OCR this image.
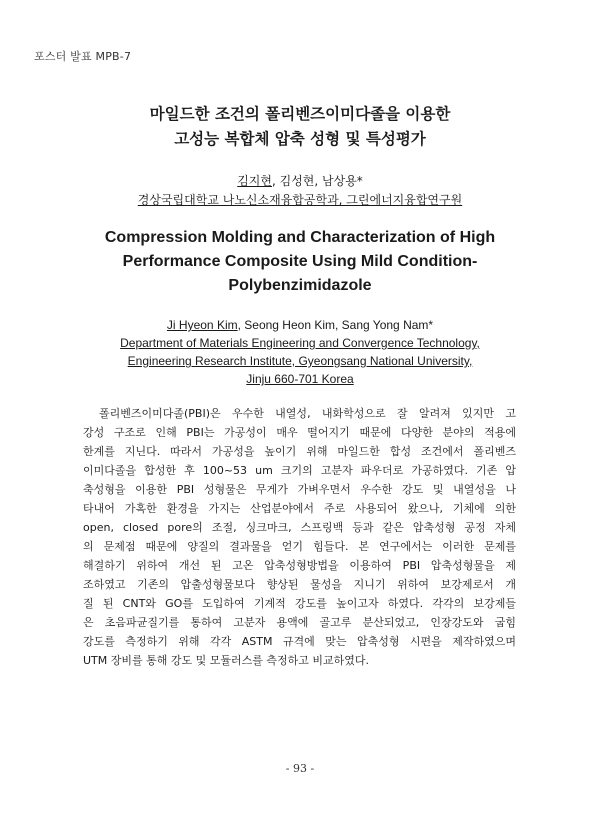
포스터 발표 MPB-7
마일드한 조건의 폴리벤즈이미다졸을 이용한
고성능 복합체 압축 성형 및 특성평가
김지현, 김성현, 남상용*
경상국립대학교 나노신소재융합공학과, 그린에너지융합연구원
Compression Molding and Characterization of High
Performance Composite Using Mild Condition-
Polybenzimidazole
Ji Hyeon Kim, Seong Heon Kim, Sang Yong Nam*
Department of Materials Engineering and Convergence Technology,
Engineering Research Institute, Gyeongsang National University,
Jinju 660-701 Korea
폴리벤즈이미다졸(PBI)은 우수한 내열성, 내화학성으로 잘 알려져 있지만 고
강성 구조로 인해 PBI는 가공성이 매우 떨어지기 때문에 다양한 분야의 적용에
한계를 지닌다. 따라서 가공성을 높이기 위해 마일드한 합성 조건에서 폴리벤즈
이미다졸을 합성한 후 100~53 um 크기의 고분자 파우더로 가공하였다. 기존 압
축성형을 이용한 PBI 성형물은 무게가 가벼우면서 우수한 강도 및 내열성을 나
타내어 가혹한 환경을 가지는 산업분야에서 주로 사용되어 왔으나, 기체에 의한
open, closed pore의 조절, 싱크마크, 스프링백 등과 같은 압축성형 공정 자체
의 문제점 때문에 양질의 결과물을 얻기 힘들다. 본 연구에서는 이러한 문제를
해결하기 위하여 개선 된 고온 압축성형방법을 이용하여 PBI 압축성형물을 제
조하였고 기존의 압출성형물보다 향상된 물성을 지니기 위하여 보강제로서 개
질 된 CNT와 GO를 도입하여 기계적 강도를 높이고자 하였다. 각각의 보강제들
은 초음파균질기를 통하여 고분자 용액에 골고루 분산되었고, 인장강도와 굽힘
강도를 측정하기 위해 각각 ASTM 규격에 맞는 압축성형 시편을 제작하였으며
UTM 장비를 통해 강도 및 모듈러스를 측정하고 비교하였다.
- 93 -
